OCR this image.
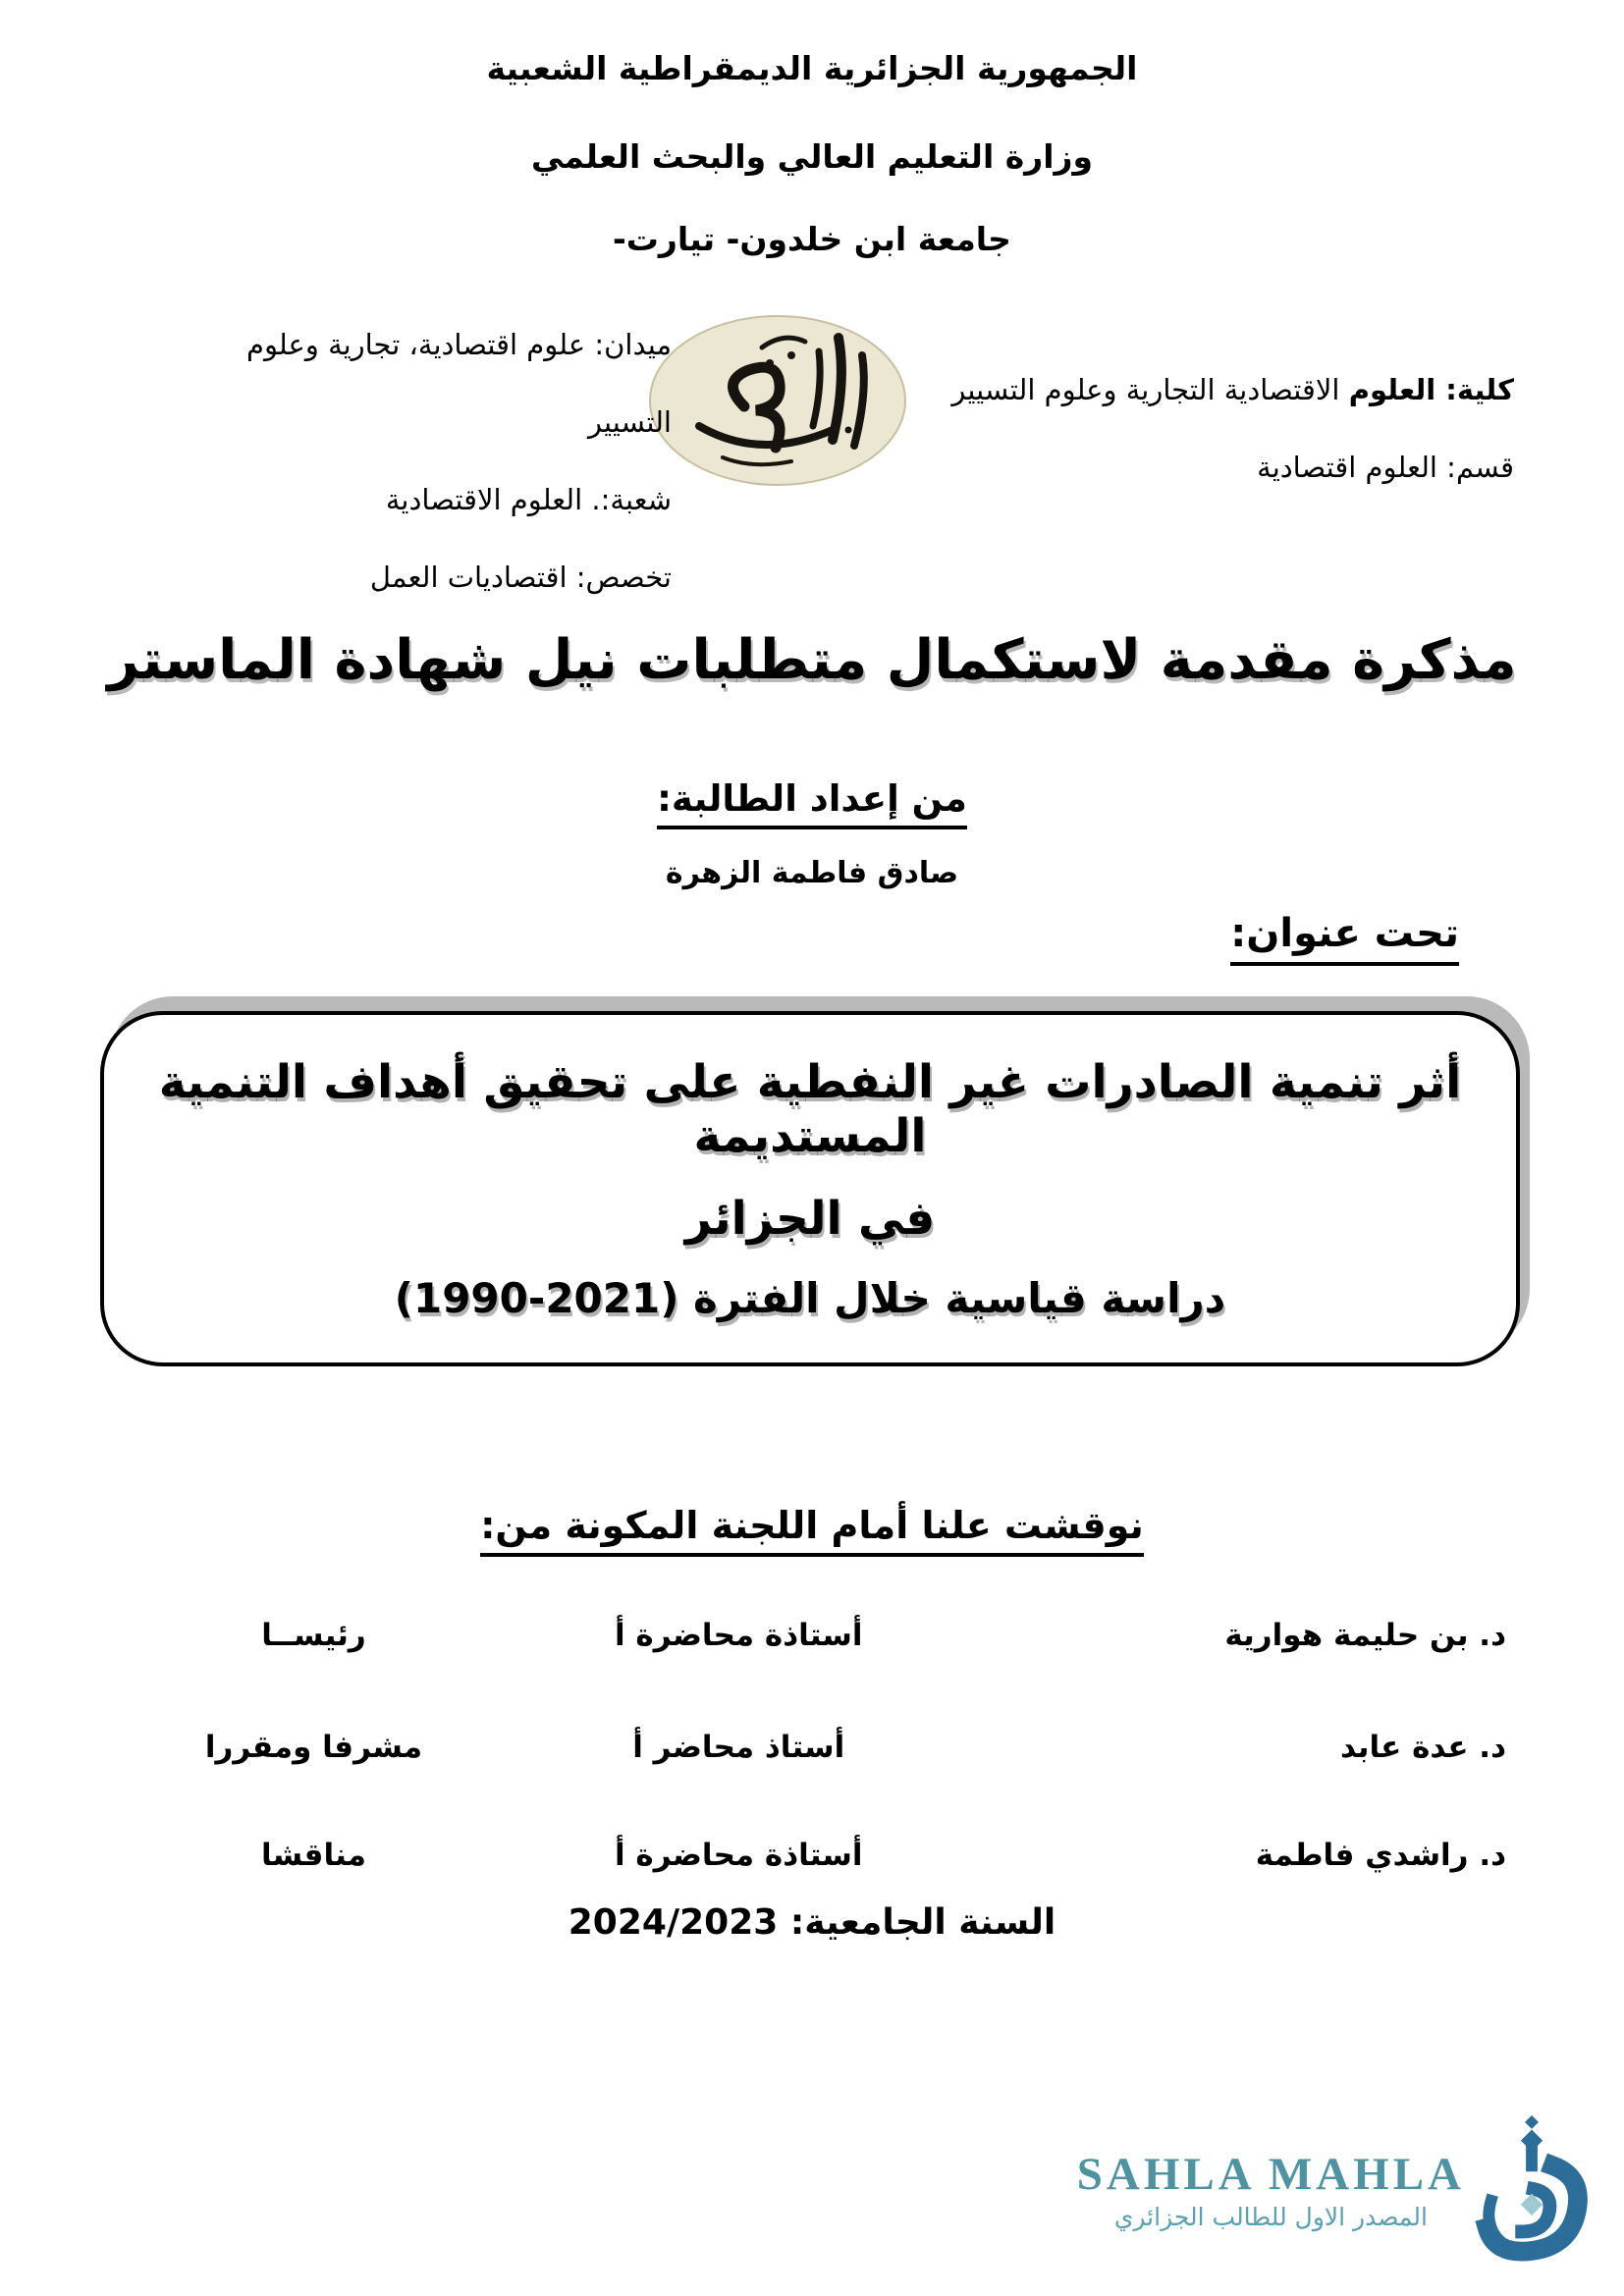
الجمهورية الجزائرية الديمقراطية الشعبية
وزارة التعليم العالي والبحث العلمي
جامعة ابن خلدون- تيارت-
كلية: العلوم الاقتصادية التجارية وعلوم التسيير
قسم: العلوم اقتصادية
ميدان: علوم اقتصادية، تجارية وعلوم التسيير
شعبة:. العلوم الاقتصادية
تخصص: اقتصاديات العمل
مذكرة مقدمة لاستكمال متطلبات نيل شهادة الماستر
من إعداد الطالبة:
صادق فاطمة الزهرة
تحت عنوان:
أثر تنمية الصادرات غير النفطية على تحقيق أهداف التنمية المستديمة
في الجزائر
دراسة قياسية خلال الفترة (2021-1990)
نوقشت علنا أمام اللجنة المكونة من:
د. بن حليمة هوارية
أستاذة محاضرة أ
رئيســا
د. عدة عابد
أستاذ محاضر أ
مشرفا ومقررا
د. راشدي فاطمة
أستاذة محاضرة أ
مناقشا
السنة الجامعية: 2024/2023
SAHLA MAHLA
المصدر الاول للطالب الجزائري
